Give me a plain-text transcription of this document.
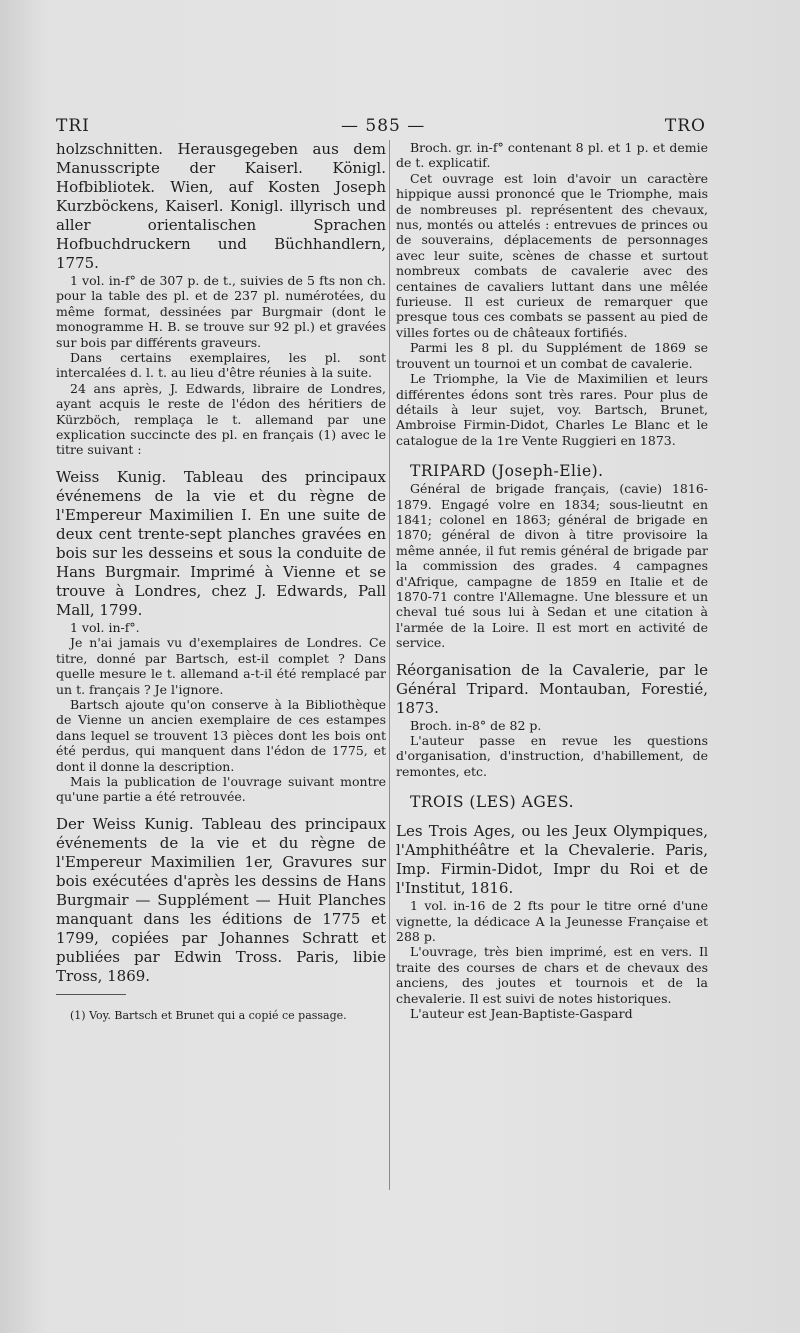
TRI	— 585 —	TRO

holzschnitten. Herausgegeben aus dem Manusscripte der Kaiserl. Königl. Hofbibliotek. Wien, auf Kosten Joseph Kurzböckens, Kaiserl. Konigl. illyrisch und aller orientalischen Sprachen Hofbuchdruckern und Büchhandlern, 1775.

1 vol. in-f° de 307 p. de t., suivies de 5 fts non ch. pour la table des pl. et de 237 pl. numérotées, du même format, dessinées par Burgmair (dont le monogramme H. B. se trouve sur 92 pl.) et gravées sur bois par différents graveurs.

Dans certains exemplaires, les pl. sont intercalées d. l. t. au lieu d'être réunies à la suite.

24 ans après, J. Edwards, libraire de Londres, ayant acquis le reste de l'édon des héritiers de Kürzböch, remplaça le t. allemand par une explication succincte des pl. en français (1) avec le titre suivant :

Weiss Kunig. Tableau des principaux événemens de la vie et du règne de l'Empereur Maximilien I. En une suite de deux cent trente-sept planches gravées en bois sur les desseins et sous la conduite de Hans Burgmair. Imprimé à Vienne et se trouve à Londres, chez J. Edwards, Pall Mall, 1799.

1 vol. in-f°.

Je n'ai jamais vu d'exemplaires de Londres. Ce titre, donné par Bartsch, est-il complet ? Dans quelle mesure le t. allemand a-t-il été remplacé par un t. français ? Je l'ignore.

Bartsch ajoute qu'on conserve à la Bibliothèque de Vienne un ancien exemplaire de ces estampes dans lequel se trouvent 13 pièces dont les bois ont été perdus, qui manquent dans l'édon de 1775, et dont il donne la description.

Mais la publication de l'ouvrage suivant montre qu'une partie a été retrouvée.

Der Weiss Kunig. Tableau des principaux événements de la vie et du règne de l'Empereur Maximilien 1er, Gravures sur bois exécutées d'après les dessins de Hans Burgmair — Supplément — Huit Planches manquant dans les éditions de 1775 et 1799, copiées par Johannes Schratt et publiées par Edwin Tross. Paris, libie Tross, 1869.

(1) Voy. Bartsch et Brunet qui a copié ce passage.

Broch. gr. in-f° contenant 8 pl. et 1 p. et demie de t. explicatif.

Cet ouvrage est loin d'avoir un caractère hippique aussi prononcé que le Triomphe, mais de nombreuses pl. représentent des chevaux, nus, montés ou attelés : entrevues de princes ou de souverains, déplacements de personnages avec leur suite, scènes de chasse et surtout nombreux combats de cavalerie avec des centaines de cavaliers luttant dans une mêlée furieuse. Il est curieux de remarquer que presque tous ces combats se passent au pied de villes fortes ou de châteaux fortifiés.

Parmi les 8 pl. du Supplément de 1869 se trouvent un tournoi et un combat de cavalerie.

Le Triomphe, la Vie de Maximilien et leurs différentes édons sont très rares. Pour plus de détails à leur sujet, voy. Bartsch, Brunet, Ambroise Firmin-Didot, Charles Le Blanc et le catalogue de la 1re Vente Ruggieri en 1873.

TRIPARD (Joseph-Elie).

Général de brigade français, (cavie) 1816-1879. Engagé volre en 1834; sous-lieutnt en 1841; colonel en 1863; général de brigade en 1870; général de divon à titre provisoire la même année, il fut remis général de brigade par la commission des grades. 4 campagnes d'Afrique, campagne de 1859 en Italie et de 1870-71 contre l'Allemagne. Une blessure et un cheval tué sous lui à Sedan et une citation à l'armée de la Loire. Il est mort en activité de service.

Réorganisation de la Cavalerie, par le Général Tripard. Montauban, Forestié, 1873.

Broch. in-8° de 82 p.

L'auteur passe en revue les questions d'organisation, d'instruction, d'habillement, de remontes, etc.

TROIS (LES) AGES.

Les Trois Ages, ou les Jeux Olympiques, l'Amphithéâtre et la Chevalerie. Paris, Imp. Firmin-Didot, Impr du Roi et de l'Institut, 1816.

1 vol. in-16 de 2 fts pour le titre orné d'une vignette, la dédicace A la Jeunesse Française et 288 p.

L'ouvrage, très bien imprimé, est en vers. Il traite des courses de chars et de chevaux des anciens, des joutes et tournois et de la chevalerie. Il est suivi de notes historiques.

L'auteur est Jean-Baptiste-Gaspard
